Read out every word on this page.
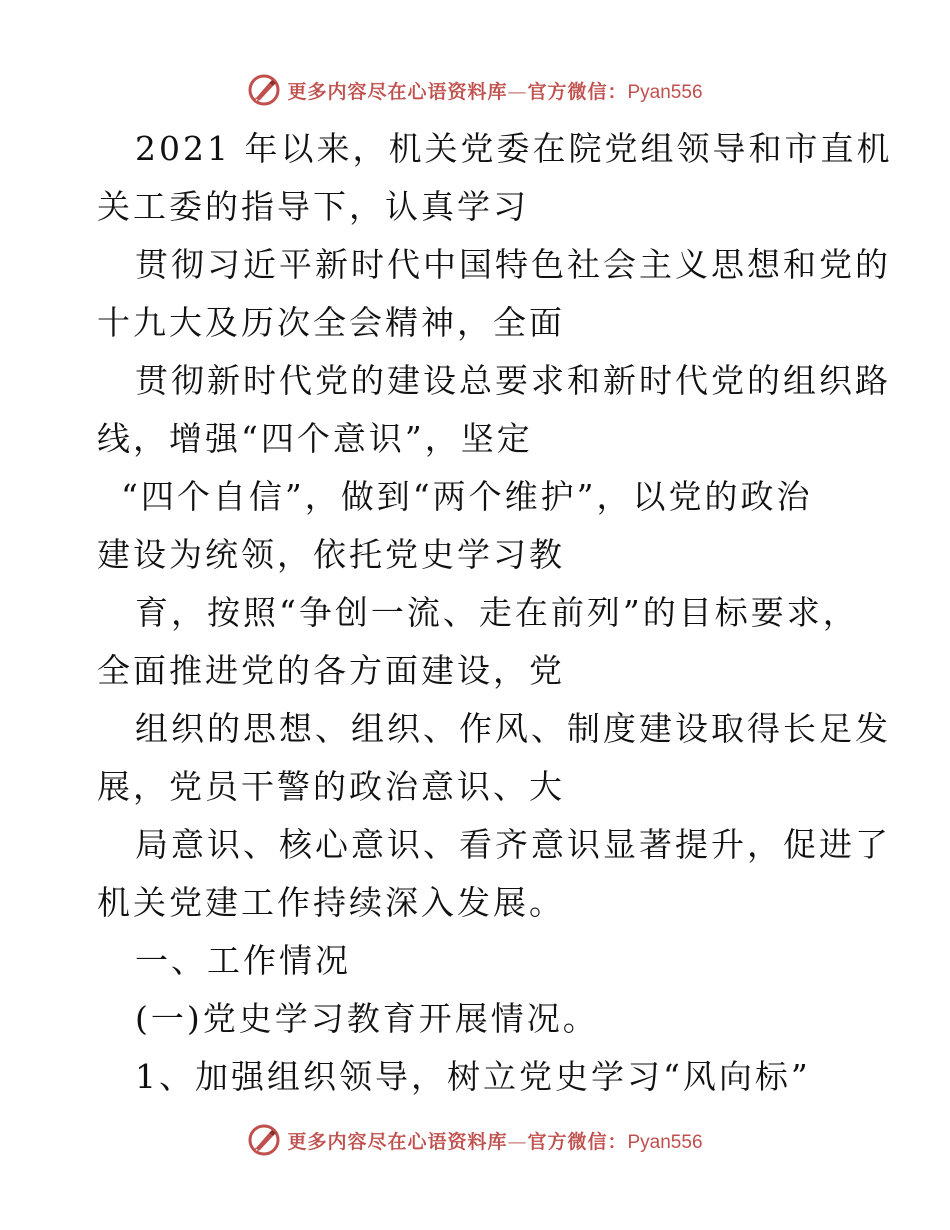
更多内容尽在心语资料库—官方微信：Pyan556
2021 年以来，机关党委在院党组领导和市直机
关工委的指导下，认真学习
贯彻习近平新时代中国特色社会主义思想和党的
十九大及历次全会精神，全面
贯彻新时代党的建设总要求和新时代党的组织路
线，增强“四个意识”，坚定
“四个自信”，做到“两个维护”，以党的政治
建设为统领，依托党史学习教
育，按照“争创一流、走在前列”的目标要求，
全面推进党的各方面建设，党
组织的思想、组织、作风、制度建设取得长足发
展，党员干警的政治意识、大
局意识、核心意识、看齐意识显著提升，促进了
机关党建工作持续深入发展。
一、工作情况
(一)党史学习教育开展情况。
1、加强组织领导，树立党史学习“风向标”
更多内容尽在心语资料库—官方微信：Pyan556
